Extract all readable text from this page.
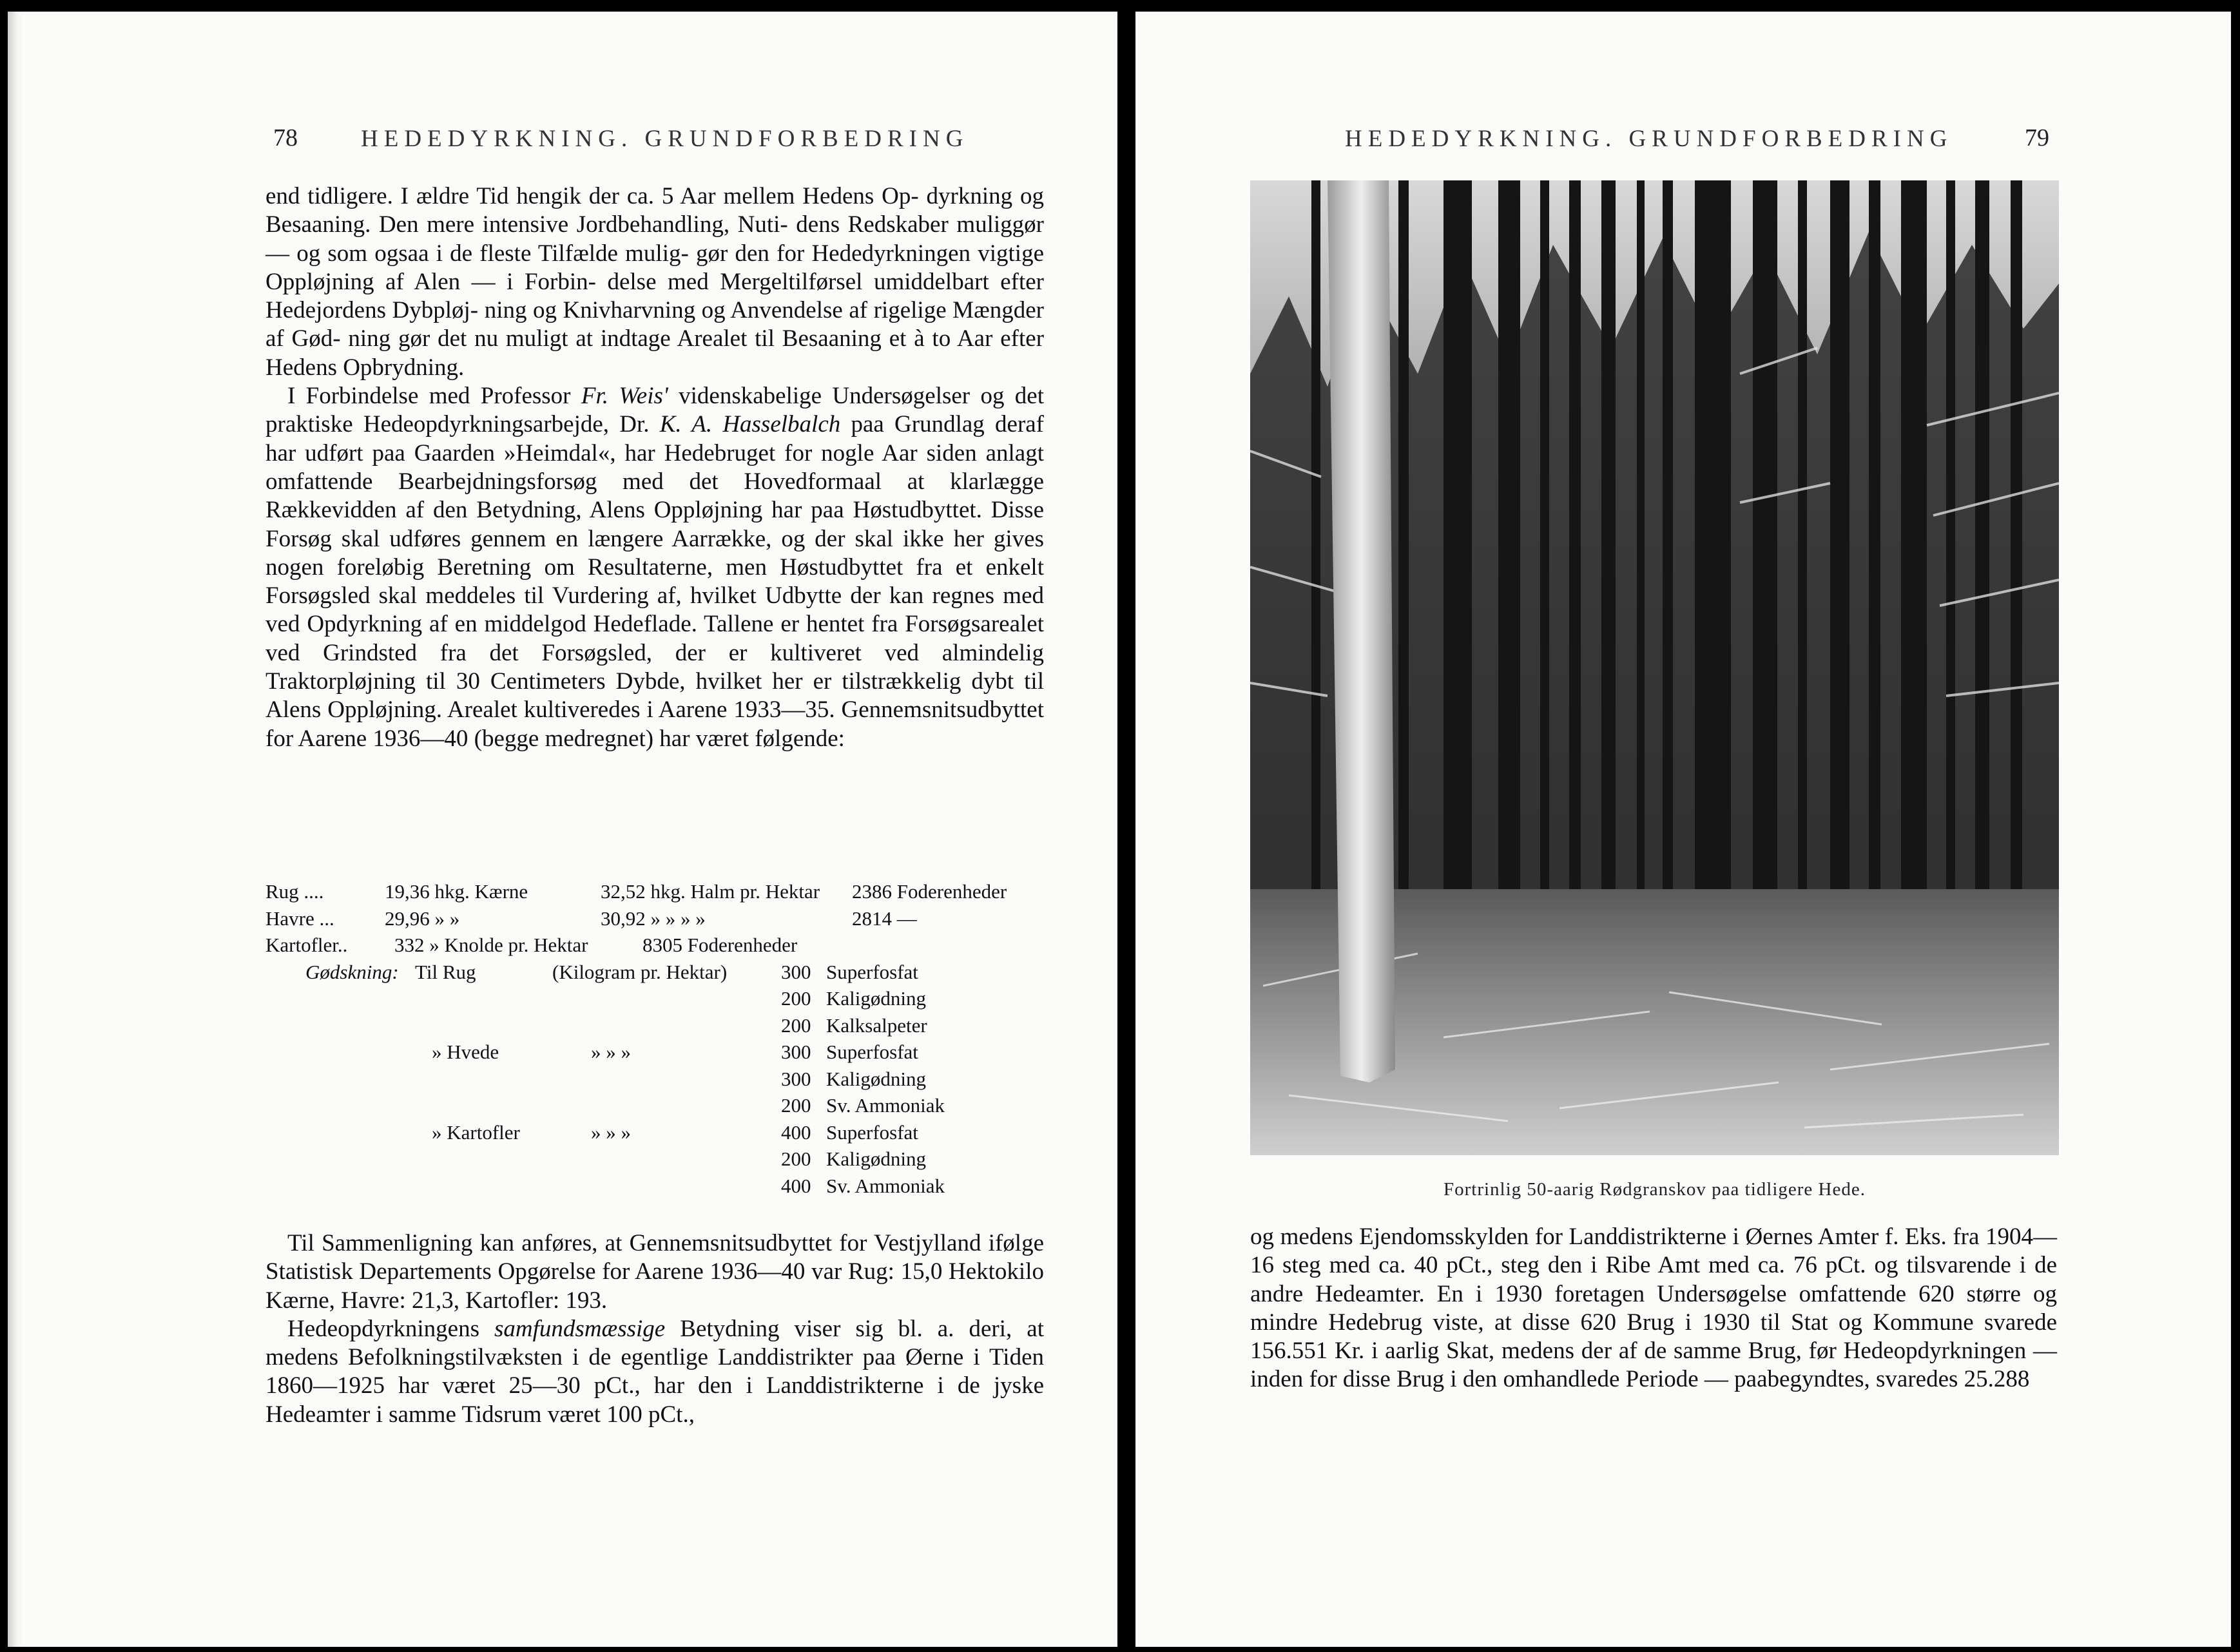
78	HEDEDYRKNING. GRUNDFORBEDRING

end tidligere. I ældre Tid hengik der ca. 5 Aar mellem Hedens Op- dyrkning og Besaaning. Den mere intensive Jordbehandling, Nuti- dens Redskaber muliggør — og som ogsaa i de fleste Tilfælde mulig- gør den for Hededyrkningen vigtige Oppløjning af Alen — i Forbin- delse med Mergeltilførsel umiddelbart efter Hedejordens Dybpløj- ning og Knivharvning og Anvendelse af rigelige Mængder af Gød- ning gør det nu muligt at indtage Arealet til Besaaning et à to Aar efter Hedens Opbrydning.

I Forbindelse med Professor Fr. Weis' videnskabelige Undersøgelser og det praktiske Hedeopdyrkningsarbejde, Dr. K. A. Hasselbalch paa Grundlag deraf har udført paa Gaarden »Heimdal«, har Hedebruget for nogle Aar siden anlagt omfattende Bearbejdningsforsøg med det Hovedformaal at klarlægge Rækkevidden af den Betydning, Alens Oppløjning har paa Høstudbyttet. Disse Forsøg skal udføres gennem en længere Aarrække, og der skal ikke her gives nogen foreløbig Beretning om Resultaterne, men Høstudbyttet fra et enkelt Forsøgsled skal meddeles til Vurdering af, hvilket Udbytte der kan regnes med ved Opdyrkning af en middelgod Hedeflade. Tallene er hentet fra Forsøgsarealet ved Grindsted fra det Forsøgsled, der er kultiveret ved almindelig Traktorpløjning til 30 Centimeters Dybde, hvilket her er tilstrækkelig dybt til Alens Oppløjning. Arealet kultiveredes i Aarene 1933—35. Gennemsnitsudbyttet for Aarene 1936—40 (begge medregnet) har været følgende:

Rug ....	19,36 hkg. Kærne	32,52 hkg. Halm pr. Hektar 2386 Foderenheder
Havre ...	29,96 » »	30,92 » » » »	2814 —
Kartofler.. 332 » Knolde pr. Hektar	8305 Foderenheder
Gødskning: Til Rug	(Kilogram pr. Hektar)	300 Superfosfat
200 Kaligødning
200 Kalksalpeter
» Hvede	» » »	300 Superfosfat
300 Kaligødning
200 Sv. Ammoniak
» Kartofler	» » »	400 Superfosfat
200 Kaligødning
400 Sv. Ammoniak

Til Sammenligning kan anføres, at Gennemsnitsudbyttet for Vestjylland ifølge Statistisk Departements Opgørelse for Aarene 1936—40 var Rug: 15,0 Hektokilo Kærne, Havre: 21,3, Kartofler: 193.

Hedeopdyrkningens samfundsmæssige Betydning viser sig bl. a. deri, at medens Befolkningstilvæksten i de egentlige Landdistrikter paa Øerne i Tiden 1860—1925 har været 25—30 pCt., har den i Landdistrikterne i de jyske Hedeamter i samme Tidsrum været 100 pCt.,

HEDEDYRKNING. GRUNDFORBEDRING	79
Fortrinlig 50-aarig Rødgranskov paa tidligere Hede.

og medens Ejendomsskylden for Landdistrikterne i Øernes Amter f. Eks. fra 1904—16 steg med ca. 40 pCt., steg den i Ribe Amt med ca. 76 pCt. og tilsvarende i de andre Hedeamter. En i 1930 foretagen Undersøgelse omfattende 620 større og mindre Hedebrug viste, at disse 620 Brug i 1930 til Stat og Kommune svarede 156.551 Kr. i aarlig Skat, medens der af de samme Brug, før Hedeopdyrkningen — inden for disse Brug i den omhandlede Periode — paabegyndtes, svaredes 25.288
